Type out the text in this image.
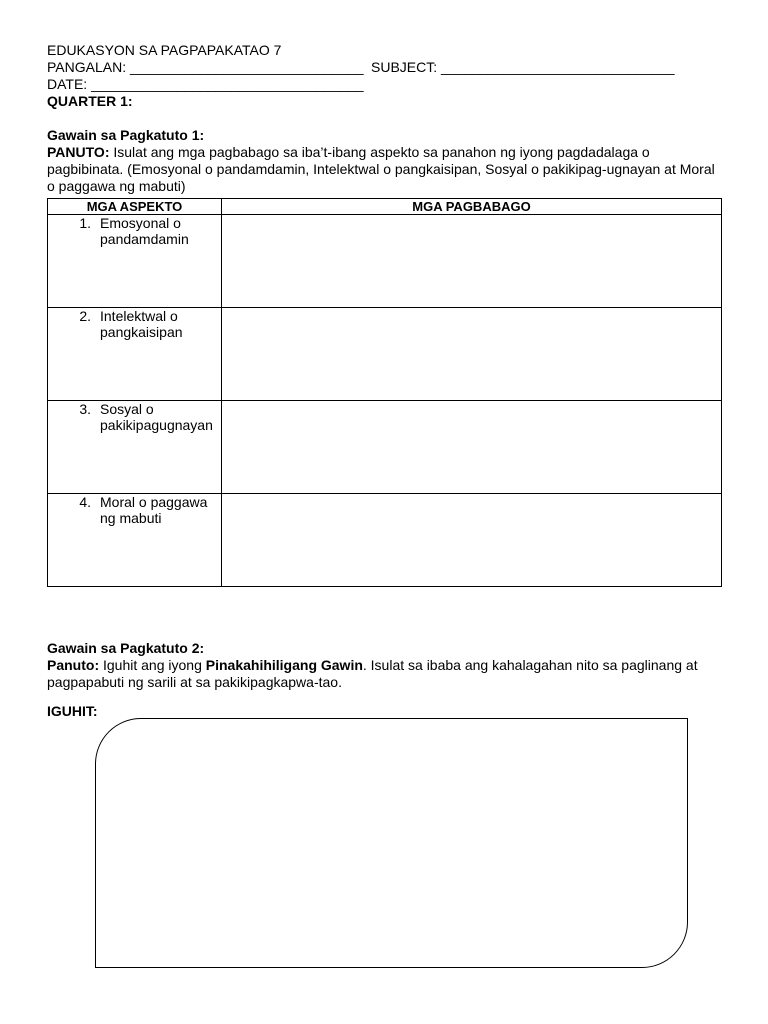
EDUKASYON SA PAGPAPAKATAO 7
PANGALAN: ______________________________ SUBJECT: ______________________________
DATE: ___________________________________
QUARTER 1:
Gawain sa Pagkatuto 1:
PANUTO: Isulat ang mga pagbabago sa iba’t-ibang aspekto sa panahon ng iyong pagdadalaga o pagbibinata. (Emosyonal o pandamdamin, Intelektwal o pangkaisipan, Sosyal o pakikipag-ugnayan at Moral o paggawa ng mabuti)
MGA ASPEKTO	MGA PAGBABAGO

1. Emosyonal o
pandamdamin	

2. Intelektwal o
pangkaisipan	

3. Sosyal o
pakikipagugnayan	

4. Moral o paggawa
ng mabuti	

Gawain sa Pagkatuto 2:
Panuto: Iguhit ang iyong Pinakahihiligang Gawin. Isulat sa ibaba ang kahalagahan nito sa paglinang at pagpapabuti ng sarili at sa pakikipagkapwa-tao.
IGUHIT:
